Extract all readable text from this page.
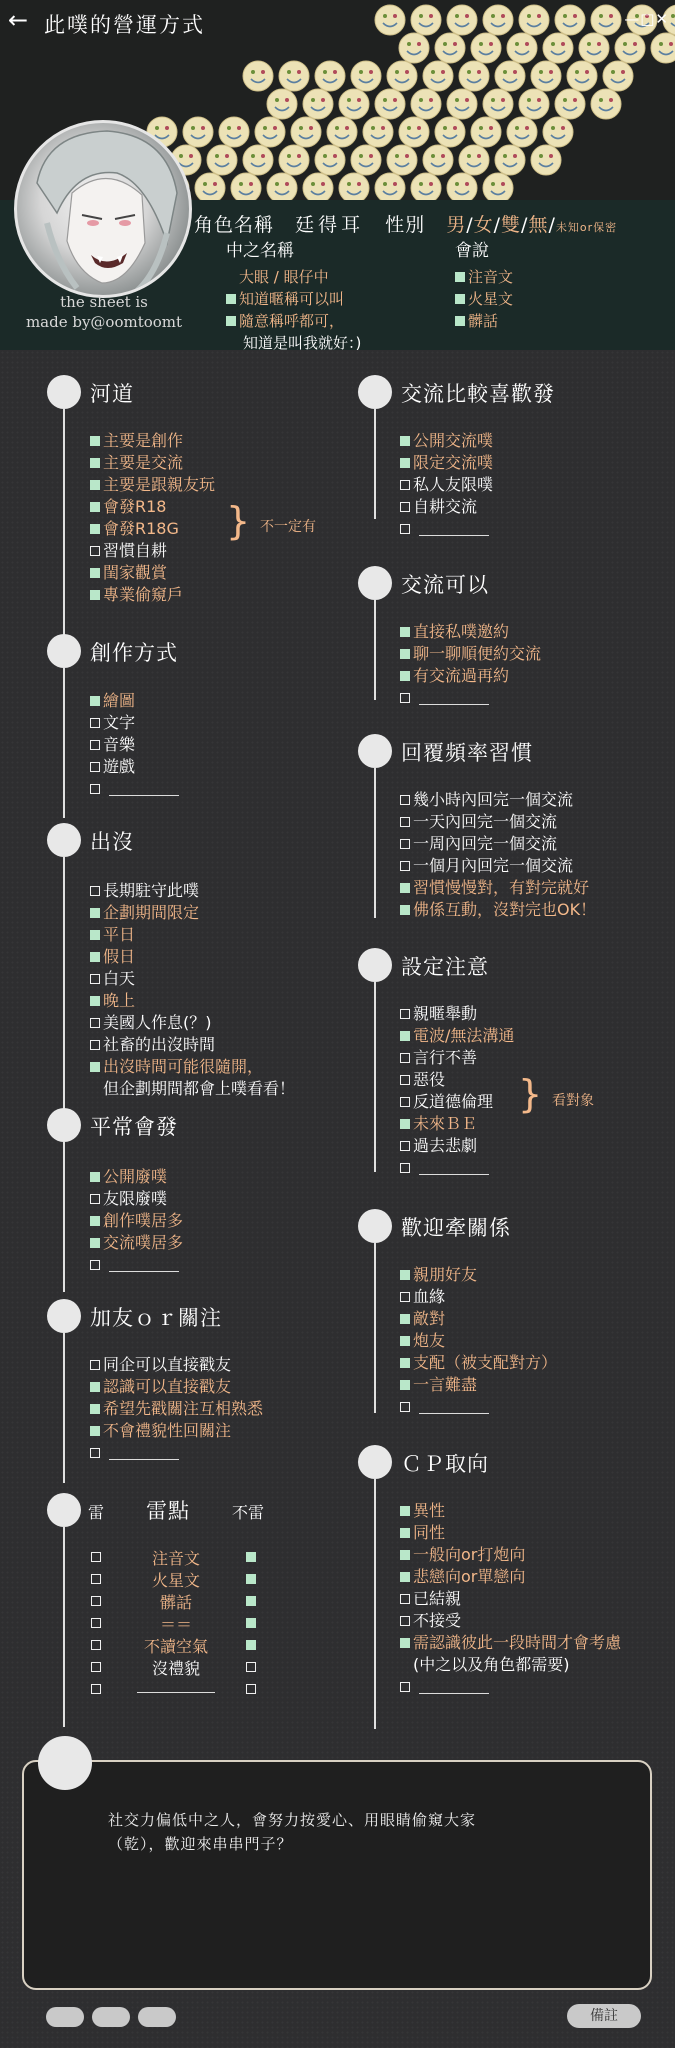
← 此噗的營運方式	—□✕
the sheet is
made by@oomtoomt
角色名稱 廷得耳 性別 男/女/雙/無/未知or保密
中之名稱
大眼 / 眼仔中
知道暱稱可以叫
隨意稱呼都可，
知道是叫我就好：)
會說
注音文
火星文
髒話
河道
主要是創作
主要是交流
主要是跟親友玩
會發R18
會發R18G
習慣自耕
閨家觀賞
專業偷窺戶
} 不一定有
創作方式
繪圖
文字
音樂
遊戲
出沒
長期駐守此噗
企劃期間限定
平日
假日
白天
晚上
美國人作息(？)
社畜的出沒時間
出沒時間可能很隨開，
但企劃期間都會上噗看看！
平常會發
公開廢噗
友限廢噗
創作噗居多
交流噗居多
加友ｏｒ關注
同企可以直接戳友
認識可以直接戳友
希望先戳關注互相熟悉
不會禮貌性回關注
交流比較喜歡發
公開交流噗
限定交流噗
私人友限噗
自耕交流
交流可以
直接私噗邀約
聊一聊順便約交流
有交流過再約
回覆頻率習慣
幾小時內回完一個交流
一天內回完一個交流
一周內回完一個交流
一個月內回完一個交流
習慣慢慢對，有對完就好
佛係互動，沒對完也OK！
設定注意
親暱舉動
電波/無法溝通
言行不善
惡役
反道德倫理
未來ＢＥ
過去悲劇
} 看對象
歡迎牽關係
親朋好友
血緣
敵對
炮友
支配（被支配對方）
一言難盡
ＣＰ取向
異性
同性
一般向or打炮向
悲戀向or單戀向
已結親
不接受
需認識彼此一段時間才會考慮
(中之以及角色都需要)
雷 雷點	不雷
注音文
火星文
髒話
＝＝
不讀空氣
沒禮貌
社交力偏低中之人，會努力按愛心、用眼睛偷窺大家
（乾），歡迎來串串門子？
備註
